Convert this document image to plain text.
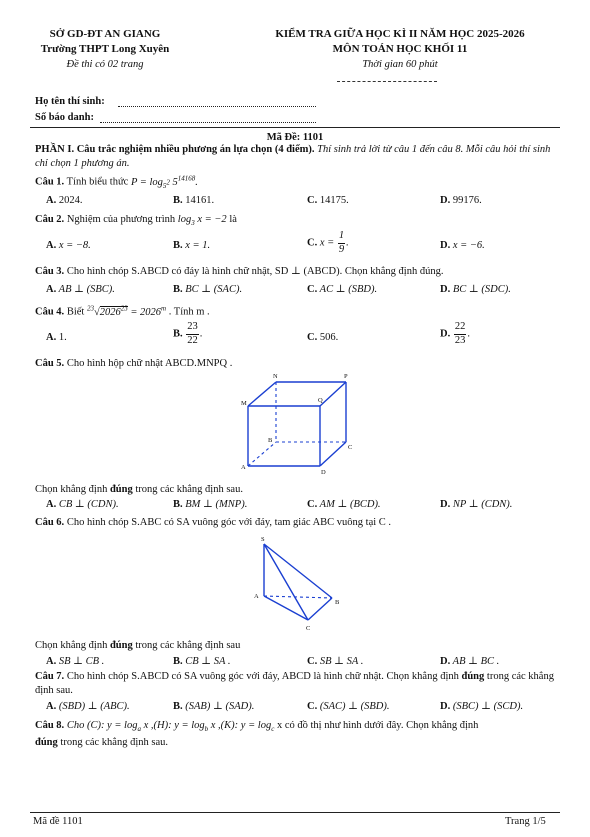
SỞ GD-ĐT AN GIANG
Trường THPT Long Xuyên
Đề thi có 02 trang
KIỂM TRA GIỮA HỌC KÌ II NĂM HỌC 2025-2026
MÔN TOÁN HỌC KHỐI 11
Thời gian 60 phút
Họ tên thí sinh:
Số báo danh:
Mã Đề: 1101
PHẦN I. Câu trắc nghiệm nhiều phương án lựa chọn (4 điểm). Thí sinh trả lời từ câu 1 đến câu 8. Mỗi câu hỏi thí sinh chỉ chọn 1 phương án.
Câu 1. Tính biểu thức $P = \log_{5^2} 5^{14168}$.
A. 2024.	B. 14161.	C. 14175.	D. 99176.
Câu 2. Nghiệm của phương trình $\log_3 x = -2$ là
A. x = −8.	B. x = 1.	C. $x = \frac{1}{9}$ .	D. x = −6.
Câu 3. Cho hình chóp S.ABCD có đáy là hình chữ nhật, SD ⊥ (ABCD). Chọn khẳng định đúng.
A. AB ⊥ (SBC).	B. BC ⊥ (SAC).	C. AC ⊥ (SBD).	D. BC ⊥ (SDC).
Câu 4. Biết $^{23}√2026^{23} = 2026^m$ . Tính m .
A. 1.	B. $\frac{23}{22}$ .	C. 506.	D. $\frac{22}{23}$ .
Câu 5. Cho hình hộp chữ nhật ABCD.MNPQ .
N	P
M	Q
B
C
A
D
Chọn khẳng định đúng trong các khẳng định sau.
A. CB ⊥ (CDN).	B. BM ⊥ (MNP).	C. AM ⊥ (BCD).	D. NP ⊥ (CDN).
Câu 6. Cho hình chóp S.ABC có SA vuông góc với đáy, tam giác ABC vuông tại C .
S
A
B
C
Chọn khẳng định đúng trong các khẳng định sau
A. SB ⊥ CB .	B. CB ⊥ SA .	C. SB ⊥ SA .	D. AB ⊥ BC .
Câu 7. Cho hình chóp S.ABCD có SA vuông góc với đáy, ABCD là hình chữ nhật. Chọn khẳng định đúng trong các khẳng định sau.
A. (SBD) ⊥ (ABC).	B. (SAB) ⊥ (SAD).	C. (SAC) ⊥ (SBD).	D. (SBC) ⊥ (SCD).
Câu 8. Cho (C): $y = \log_a x$ ,(H): $y = \log_b x$ ,(K): $y = \log_c x$ có đồ thị như hình dưới đây. Chọn khẳng định
đúng trong các khẳng định sau.
Mã đề 1101	Trang 1/5
